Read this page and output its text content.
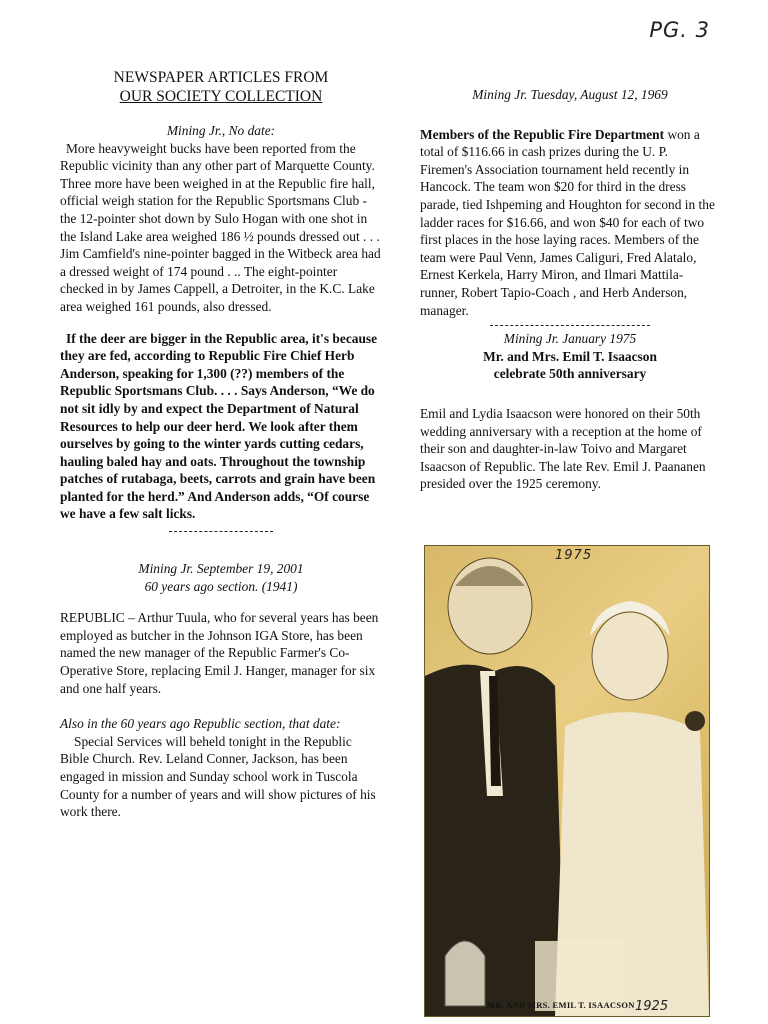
PG. 3
NEWSPAPER ARTICLES FROM
OUR SOCIETY COLLECTION

Mining Jr., No date:

More heavyweight bucks have been reported from the Republic vicinity than any other part of Marquette County. Three more have been weighed in at the Republic fire hall, official weigh station for the Republic Sportsmans Club - the 12-pointer shot down by Sulo Hogan with one shot in the Island Lake area weighed 186 ½ pounds dressed out . . . Jim Camfield's nine-pointer bagged in the Witbeck area had a dressed weight of 174 pound . .. The eight-pointer checked in by James Cappell, a Detroiter, in the K.C. Lake area weighed 161 pounds, also dressed.

If the deer are bigger in the Republic area, it's because they are fed, according to Republic Fire Chief Herb Anderson, speaking for 1,300 (??) members of the Republic Sportsmans Club. . . . Says Anderson, “We do not sit idly by and expect the Department of Natural Resources to help our deer herd. We look after them ourselves by going to the winter yards cutting cedars, hauling baled hay and oats. Throughout the township patches of rutabaga, beets, carrots and grain have been planted for the herd.” And Anderson adds, “Of course we have a few salt licks.

Mining Jr. September 19, 2001

60 years ago section. (1941)

REPUBLIC – Arthur Tuula, who for several years has been employed as butcher in the Johnson IGA Store, has been named the new manager of the Republic Farmer's Co-Operative Store, replacing Emil J. Hanger, manager for six and one half years.

Also in the 60 years ago Republic section, that date:

Special Services will beheld tonight in the Republic Bible Church. Rev. Leland Conner, Jackson, has been engaged in mission and Sunday school work in Tuscola County for a number of years and will show pictures of his work there.

Mining Jr. Tuesday, August 12, 1969

Members of the Republic Fire Department won a total of $116.66 in cash prizes during the U. P. Firemen's Association tournament held recently in Hancock. The team won $20 for third in the dress parade, tied Ishpeming and Houghton for second in the ladder races for $16.66, and won $40 for each of two first places in the hose laying races. Members of the team were Paul Venn, James Caliguri, Fred Alatalo, Ernest Kerkela, Harry Miron, and Ilmari Mattila-runner, Robert Tapio-Coach , and Herb Anderson, manager.

Mining Jr. January 1975

Mr. and Mrs. Emil T. Isaacson

celebrate 50th anniversary

Emil and Lydia Isaacson were honored on their 50th wedding anniversary with a reception at the home of their son and daughter-in-law Toivo and Margaret Isaacson of Republic. The late Rev. Emil J. Paananen presided over the 1925 ceremony.

1975
MR. AND MRS. EMIL T. ISAACSON 1925
